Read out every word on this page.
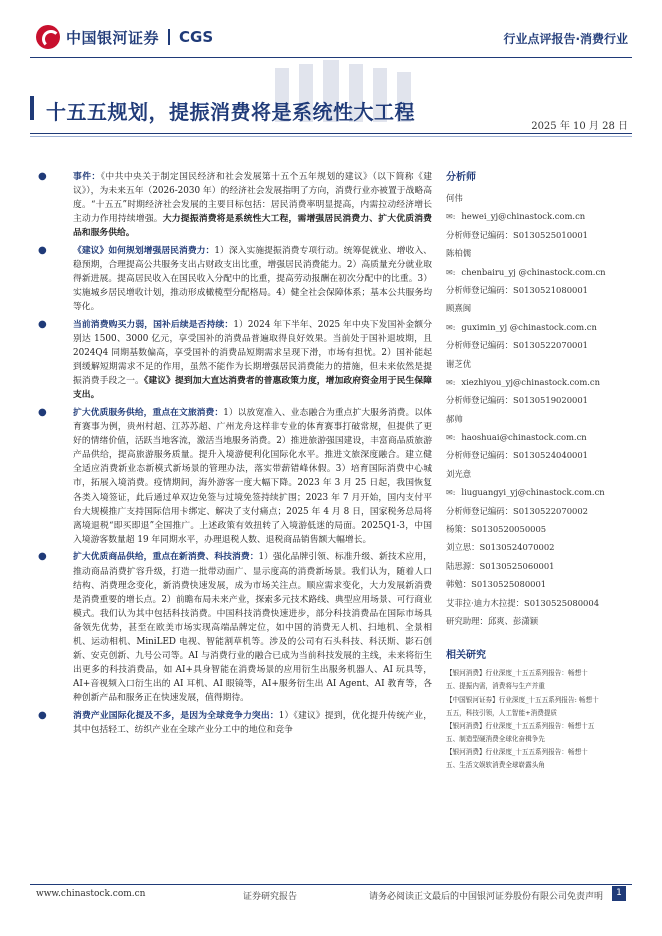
中国银河证券 CGS	行业点评报告·消费行业
十五五规划，提振消费将是系统性大工程
2025 年 10 月 28 日

●	事件：《中共中央关于制定国民经济和社会发展第十五个五年规划的建议》（以下简称《建议》），为未来五年（2026-2030 年）的经济社会发展指明了方向，消费行业亦被置于战略高度。“十五五”时期经济社会发展的主要目标包括：居民消费率明显提高，内需拉动经济增长主动力作用持续增强。大力提振消费将是系统性大工程，需增强居民消费力、扩大优质消费品和服务供给。

●	《建议》如何规划增强居民消费力：1）深入实施提振消费专项行动。统筹促就业、增收入、稳预期，合理提高公共服务支出占财政支出比重，增强居民消费能力。2）高质量充分就业取得新进展。提高居民收入在国民收入分配中的比重，提高劳动报酬在初次分配中的比重。3）实施城乡居民增收计划，推动形成橄榄型分配格局。4）健全社会保障体系；基本公共服务均等化。

●	当前消费购买力弱，国补后续是否持续：1）2024 年下半年、2025 年中央下发国补金额分别达 1500、3000 亿元，享受国补的消费品普遍取得良好效果。当前处于国补退坡期，且 2024Q4 同期基数偏高，享受国补的消费品短期需求呈现下滑，市场有担忧。2）国补能起到缓解短期需求不足的作用，虽然不能作为长期增强居民消费能力的措施，但未来依然是提振消费手段之一。《建议》提到加大直达消费者的普惠政策力度，增加政府资金用于民生保障支出。

●	扩大优质服务供给，重点在文旅消费：1）以放宽准入、业态融合为重点扩大服务消费。以体育赛事为例，贵州村超、江苏苏超、广州龙舟这样非专业的体育赛事打破常规，但提供了更好的情绪价值，活跃当地客流，激活当地服务消费。2）推进旅游强国建设，丰富商品质旅游产品供给，提高旅游服务质量。提升入境游便利化国际化水平。推进文旅深度融合。建立健全适应消费新业态新模式新场景的管理办法，落实带薪错峰休假。3）培育国际消费中心城市，拓展入境消费。疫情期间，海外游客一度大幅下降。2023 年 3 月 25 日起，我国恢复各类入境签证，此后通过单双边免签与过境免签持续扩围；2023 年 7 月开始，国内支付平台大规模推广支持国际信用卡绑定、解决了支付痛点；2025 年 4 月 8 日，国家税务总局将离境退税“即买即退”全国推广。上述政策有效扭转了入境游低迷的局面。2025Q1-3，中国入境游客数量超 19 年同期水平，办理退税人数、退税商品销售额大幅增长。

●	扩大优质商品供给，重点在新消费、科技消费：1）强化品牌引领、标准升级、新技术应用，推动商品消费扩容升级，打造一批带动面广、显示度高的消费新场景。我们认为，随着人口结构、消费理念变化，新消费快速发展，成为市场关注点。顺应需求变化，大力发展新消费是消费重要的增长点。2）前瞻布局未来产业，探索多元技术路线、典型应用场景、可行商业模式。我们认为其中包括科技消费。中国科技消费快速进步，部分科技消费品在国际市场具备领先优势，甚至在欧美市场实现高端品牌定位，如中国的消费无人机、扫地机、全景相机、运动相机、MiniLED 电视、智能割草机等。涉及的公司有石头科技、科沃斯、影石创新、安克创新、九号公司等。AI 与消费行业的融合已成为当前科技发展的主线，未来将衍生出更多的科技消费品，如 AI+具身智能在消费场景的应用衍生出服务机器人、AI 玩具等，AI+音视频入口衍生出的 AI 耳机、AI 眼镜等，AI+服务衍生出 AI Agent、AI 教育等，各种创新产品和服务正在快速发展，值得期待。

●	消费产业国际化提及不多，是因为全球竞争力突出：1）《建议》提到，优化提升传统产业，其中包括轻工、纺织产业在全球产业分工中的地位和竞争

分析师
何伟
✉: hewei_yj@chinastock.com.cn
分析师登记编码：S0130525010001
陈柏儒
✉: chenbairu_yj @chinastock.com.cn
分析师登记编码：S0130521080001
顾熹闽
✉: guximin_yj @chinastock.com.cn
分析师登记编码：S0130522070001
谢芝优
✉: xiezhiyou_yj@chinastock.com.cn
分析师登记编码：S0130519020001
郝帅
✉: haoshuai@chinastock.com.cn
分析师登记编码：S0130524040001
刘光意
✉: liuguangyi_yj@chinastock.com.cn
分析师登记编码：S0130522070002
杨策：S0130520050005
刘立思：S0130524070002
陆思源：S0130525060001
韩勉：S0130525080001
艾菲拉·迪力木拉提：S0130525080004
研究助理：邱爽、彭潇颖
相关研究
【银河消费】行业深度_十五五系列报告：畅想十
五、提振内需，消费将与生产并重
【中国银河证券】行业深度_十五五系列报告: 畅想十
五五，科技引领，人工智能+消费提质
【银河消费】行业深度_十五五系列报告：畅想十五
五、制造型硬消费全球化奋楫争先
【银河消费】行业深度_十五五系列报告：畅想十
五、生活文娱软消费全球崭露头角
www.chinastock.com.cn	证券研究报告	请务必阅读正文最后的中国银河证券股份有限公司免责声明	1
